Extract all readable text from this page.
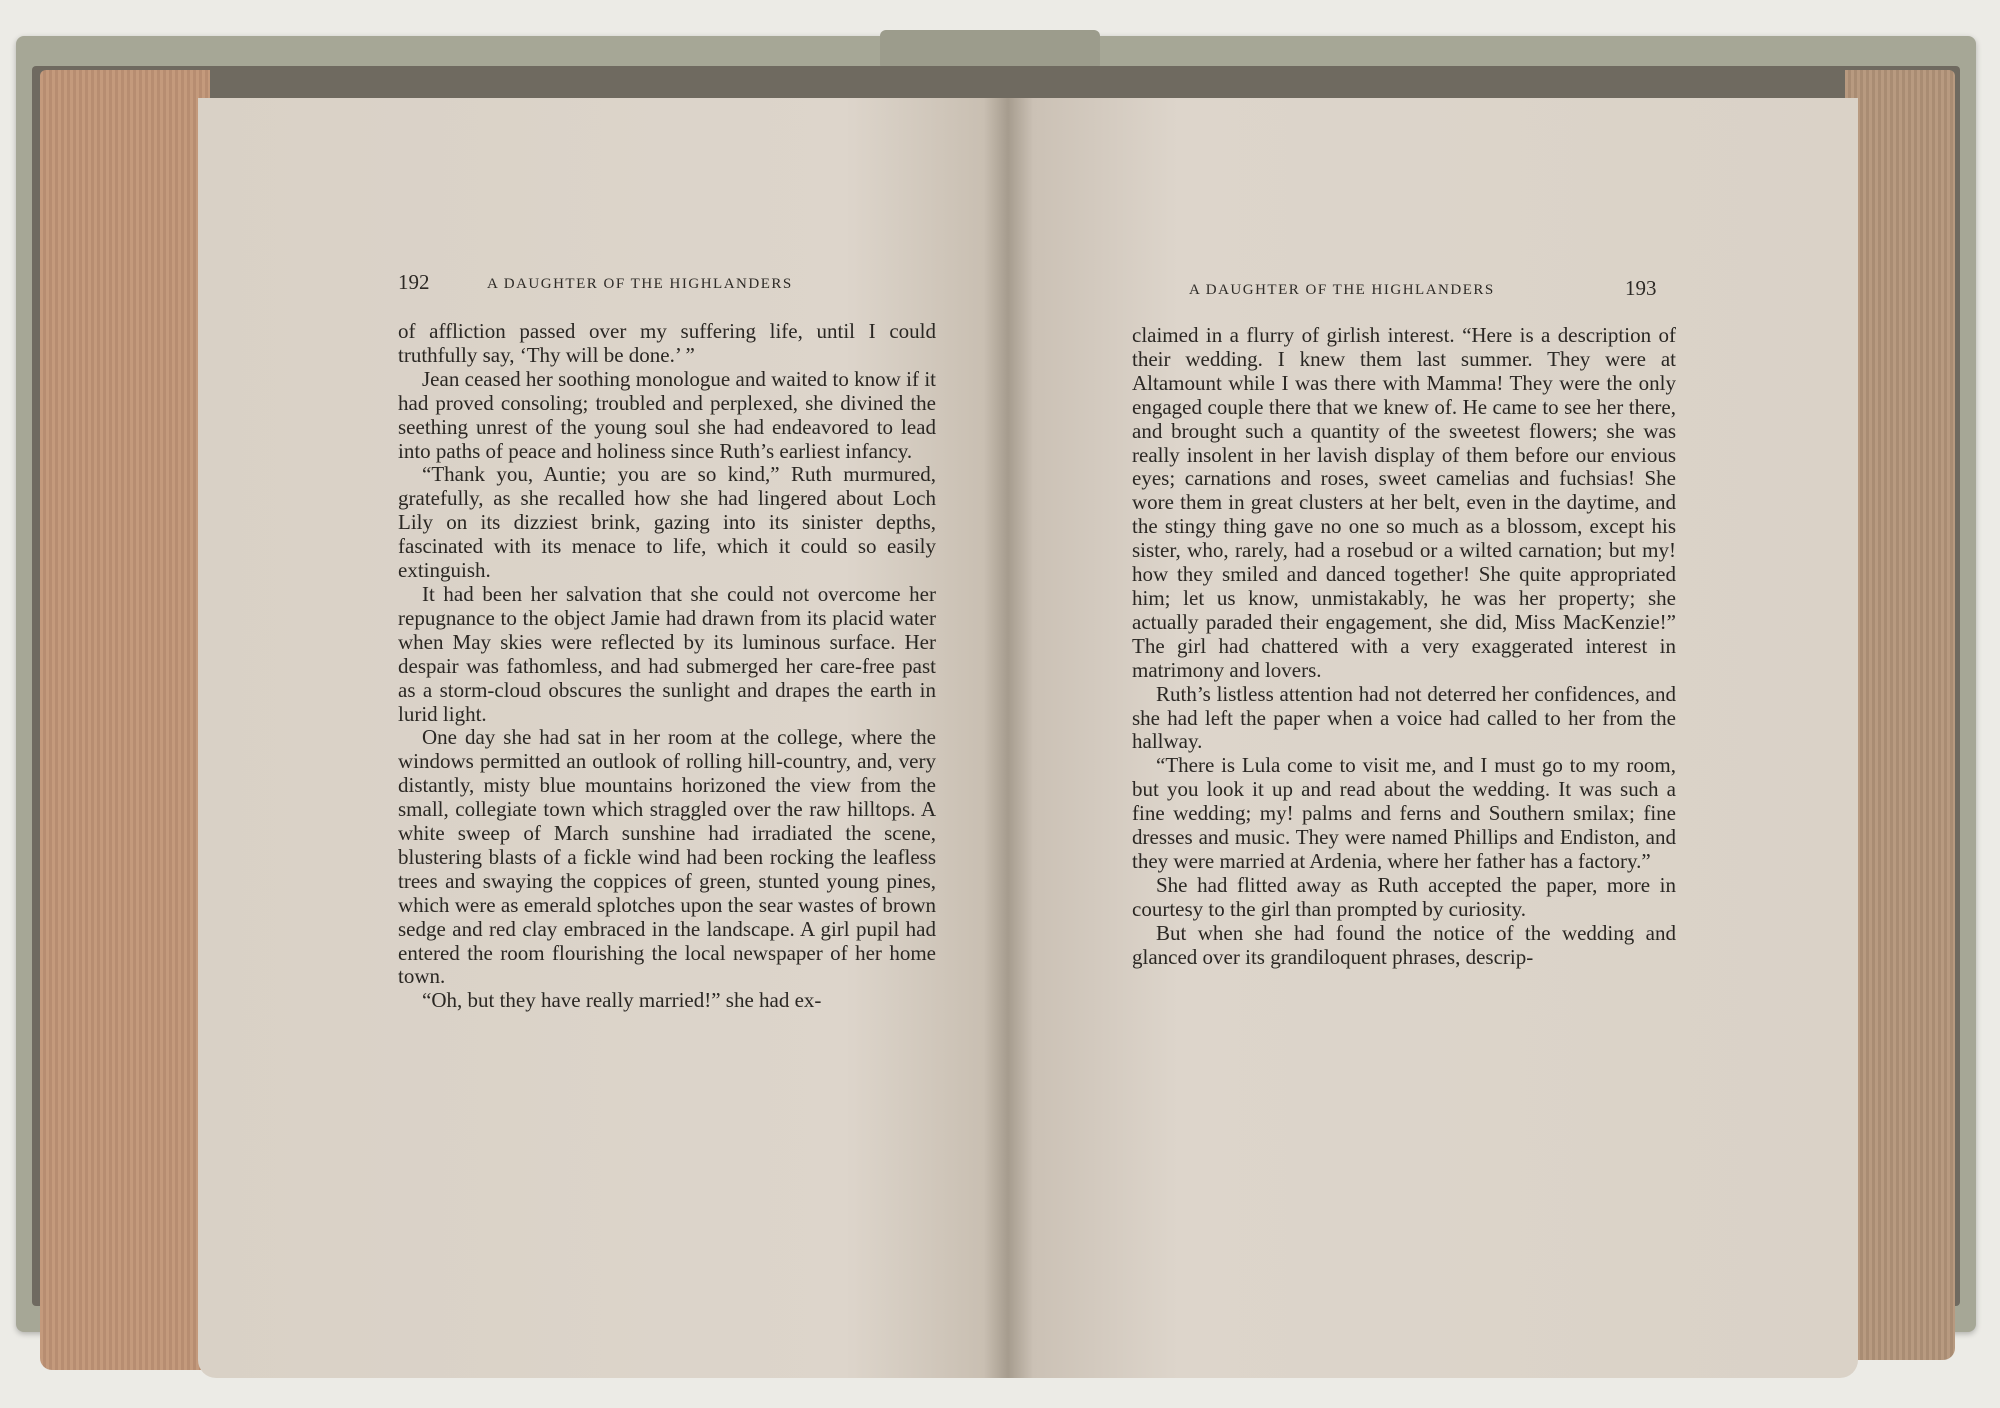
192	A DAUGHTER OF THE HIGHLANDERS

of affliction passed over my suffering life, until I could truthfully say, ‘Thy will be done.’ ”

Jean ceased her soothing monologue and waited to know if it had proved consoling; troubled and perplexed, she divined the seething unrest of the young soul she had endeavored to lead into paths of peace and holiness since Ruth’s earliest infancy.

“Thank you, Auntie; you are so kind,” Ruth murmured, gratefully, as she recalled how she had lingered about Loch Lily on its dizziest brink, gazing into its sinister depths, fascinated with its menace to life, which it could so easily extinguish.

It had been her salvation that she could not overcome her repugnance to the object Jamie had drawn from its placid water when May skies were reflected by its luminous surface. Her despair was fathomless, and had submerged her care-free past as a storm-cloud obscures the sunlight and drapes the earth in lurid light.

One day she had sat in her room at the college, where the windows permitted an outlook of rolling hill-country, and, very distantly, misty blue mountains horizoned the view from the small, collegiate town which straggled over the raw hilltops. A white sweep of March sunshine had irradiated the scene, blustering blasts of a fickle wind had been rocking the leafless trees and swaying the coppices of green, stunted young pines, which were as emerald splotches upon the sear wastes of brown sedge and red clay embraced in the landscape. A girl pupil had entered the room flourishing the local newspaper of her home town.

“Oh, but they have really married!” she had ex-

A DAUGHTER OF THE HIGHLANDERS	193

claimed in a flurry of girlish interest. “Here is a description of their wedding. I knew them last summer. They were at Altamount while I was there with Mamma! They were the only engaged couple there that we knew of. He came to see her there, and brought such a quantity of the sweetest flowers; she was really insolent in her lavish display of them before our envious eyes; carnations and roses, sweet camelias and fuchsias! She wore them in great clusters at her belt, even in the daytime, and the stingy thing gave no one so much as a blossom, except his sister, who, rarely, had a rosebud or a wilted carnation; but my! how they smiled and danced together! She quite appropriated him; let us know, unmistakably, he was her property; she actually paraded their engagement, she did, Miss MacKenzie!” The girl had chattered with a very exaggerated interest in matrimony and lovers.

Ruth’s listless attention had not deterred her confidences, and she had left the paper when a voice had called to her from the hallway.

“There is Lula come to visit me, and I must go to my room, but you look it up and read about the wedding. It was such a fine wedding; my! palms and ferns and Southern smilax; fine dresses and music. They were named Phillips and Endiston, and they were married at Ardenia, where her father has a factory.”

She had flitted away as Ruth accepted the paper, more in courtesy to the girl than prompted by curiosity.

But when she had found the notice of the wedding and glanced over its grandiloquent phrases, descrip-
